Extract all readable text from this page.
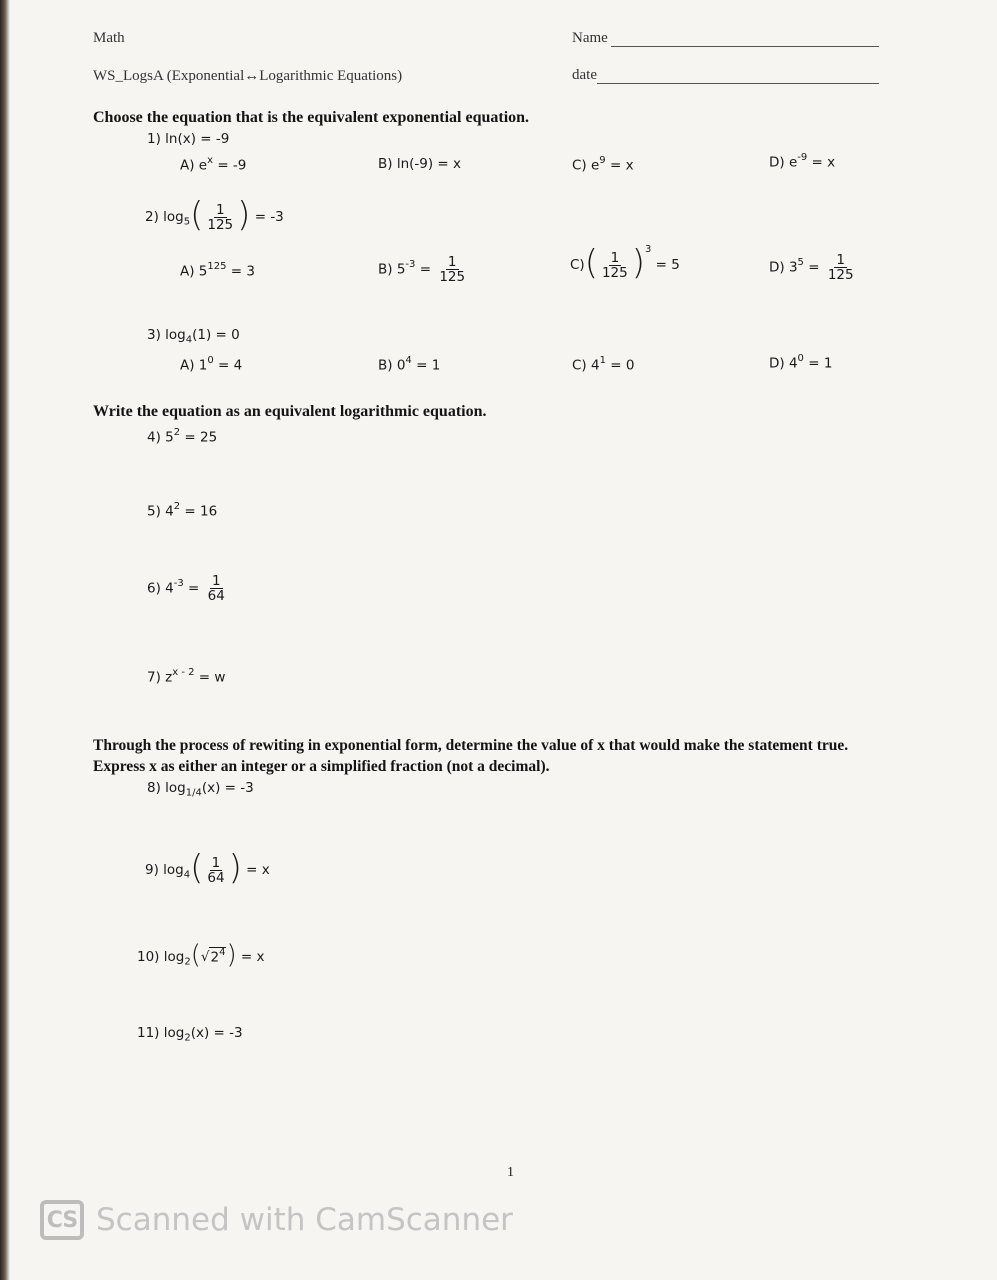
Math	Name
WS_LogsA (Exponential↔Logarithmic Equations)	date
Choose the equation that is the equivalent exponential equation.
1) ln(x) = -9
A) $e^x = -9$	B) ln(-9) = x	C) $e^9 = x$	D) $e^{-9} = x$
2) $\log_5( \frac{1}{125}$ ) = -3
A) $5^{125} = 3$	B) $5^{-3} = \frac{1}{125}$	$C)( \frac{1}{125} )^3 = 5$	D) $3^5 = \frac{1}{125}$
3) $\log_4(1) = 0$
A) $1^0 = 4$	B) $0^4 = 1$	C) $4^1 = 0$	D) $4^0 = 1$
Write the equation as an equivalent logarithmic equation.
4) $5^2 = 25$
5) $4^2 = 16$
6) $4^{-3} = \frac{1}{64}$
7) $z^{x - 2} = w$
Through the process of rewiting in exponential form, determine the value of x that would make the statement true.
Express x as either an integer or a simplified fraction (not a decimal).
8) $\log_{1/4}(x) = -3$
9) $\log_4( \frac{1}{64}$ ) = x
10) $\log_2(√2^4) = x$
11) $\log_2(x) = -3$
1
CS Scanned with CamScanner
